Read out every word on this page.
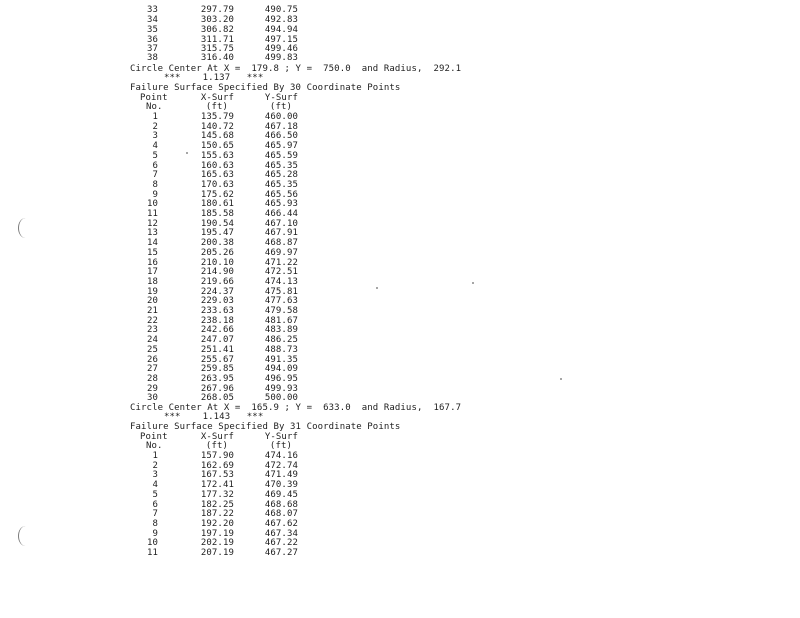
33	297.79	490.75
34	303.20	492.83
35	306.82	494.94
36	311.71	497.15
37	315.75	499.46
38	316.40	499.83
Circle Center At X =  179.8 ; Y =  750.0  and Radius,  292.1
***    1.137   ***
Failure Surface Specified By 30 Coordinate Points
Point	X-Surf	Y-Surf
No.	(ft)	(ft)
1	135.79	460.00
2	140.72	467.18
3	145.68	466.50
4	150.65	465.97
5	155.63	465.59
6	160.63	465.35
7	165.63	465.28
8	170.63	465.35
9	175.62	465.56
10	180.61	465.93
11	185.58	466.44
12	190.54	467.10
13	195.47	467.91
14	200.38	468.87
15	205.26	469.97
16	210.10	471.22
17	214.90	472.51
18	219.66	474.13
19	224.37	475.81
20	229.03	477.63
21	233.63	479.58
22	238.18	481.67
23	242.66	483.89
24	247.07	486.25
25	251.41	488.73
26	255.67	491.35
27	259.85	494.09
28	263.95	496.95
29	267.96	499.93
30	268.05	500.00
Circle Center At X =  165.9 ; Y =  633.0  and Radius,  167.7
***    1.143   ***
Failure Surface Specified By 31 Coordinate Points
Point	X-Surf	Y-Surf
No.	(ft)	(ft)
1	157.90	474.16
2	162.69	472.74
3	167.53	471.49
4	172.41	470.39
5	177.32	469.45
6	182.25	468.68
7	187.22	468.07
8	192.20	467.62
9	197.19	467.34
10	202.19	467.22
11	207.19	467.27
